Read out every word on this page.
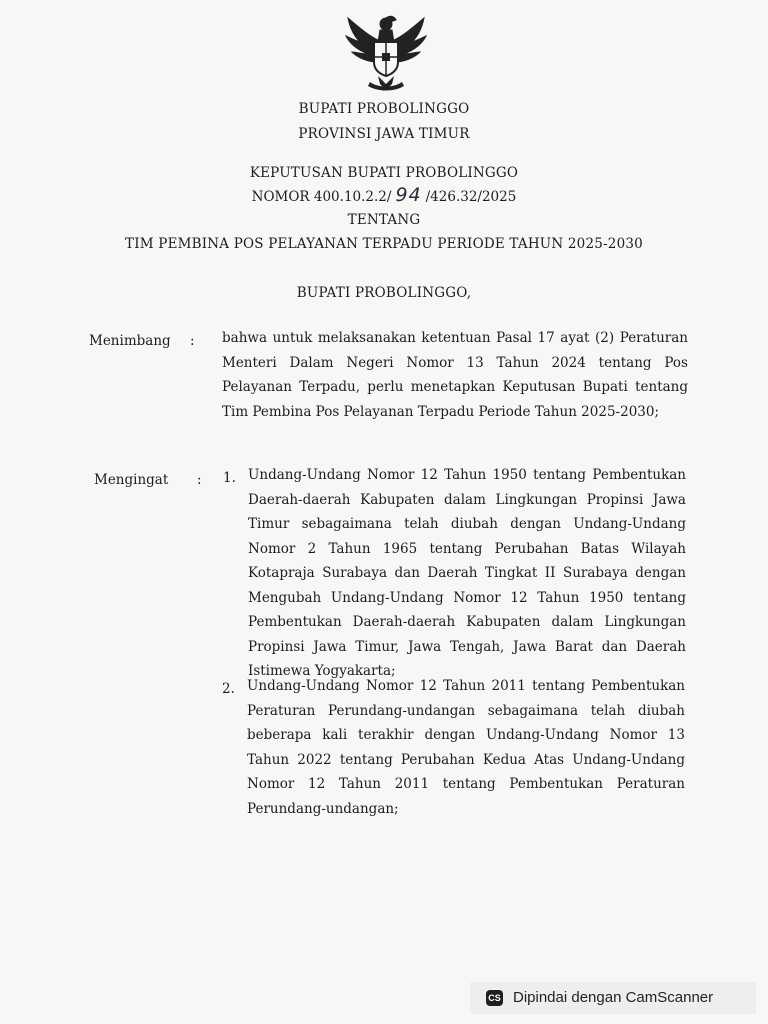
BUPATI PROBOLINGGO
PROVINSI JAWA TIMUR
KEPUTUSAN BUPATI PROBOLINGGO
NOMOR 400.10.2.2/ 94 /426.32/2025
TENTANG
TIM PEMBINA POS PELAYANAN TERPADU PERIODE TAHUN 2025-2030
BUPATI PROBOLINGGO,
Menimbang : bahwa untuk melaksanakan ketentuan Pasal 17 ayat (2) Peraturan Menteri Dalam Negeri Nomor 13 Tahun 2024 tentang Pos Pelayanan Terpadu, perlu menetapkan Keputusan Bupati tentang Tim Pembina Pos Pelayanan Terpadu Periode Tahun 2025-2030;
Mengingat : 1. Undang-Undang Nomor 12 Tahun 1950 tentang Pembentukan Daerah-daerah Kabupaten dalam Lingkungan Propinsi Jawa Timur sebagaimana telah diubah dengan Undang-Undang Nomor 2 Tahun 1965 tentang Perubahan Batas Wilayah Kotapraja Surabaya dan Daerah Tingkat II Surabaya dengan Mengubah Undang-Undang Nomor 12 Tahun 1950 tentang Pembentukan Daerah-daerah Kabupaten dalam Lingkungan Propinsi Jawa Timur, Jawa Tengah, Jawa Barat dan Daerah Istimewa Yogyakarta;
2. Undang-Undang Nomor 12 Tahun 2011 tentang Pembentukan Peraturan Perundang-undangan sebagaimana telah diubah beberapa kali terakhir dengan Undang-Undang Nomor 13 Tahun 2022 tentang Perubahan Kedua Atas Undang-Undang Nomor 12 Tahun 2011 tentang Pembentukan Peraturan Perundang-undangan;
CS Dipindai dengan CamScanner
